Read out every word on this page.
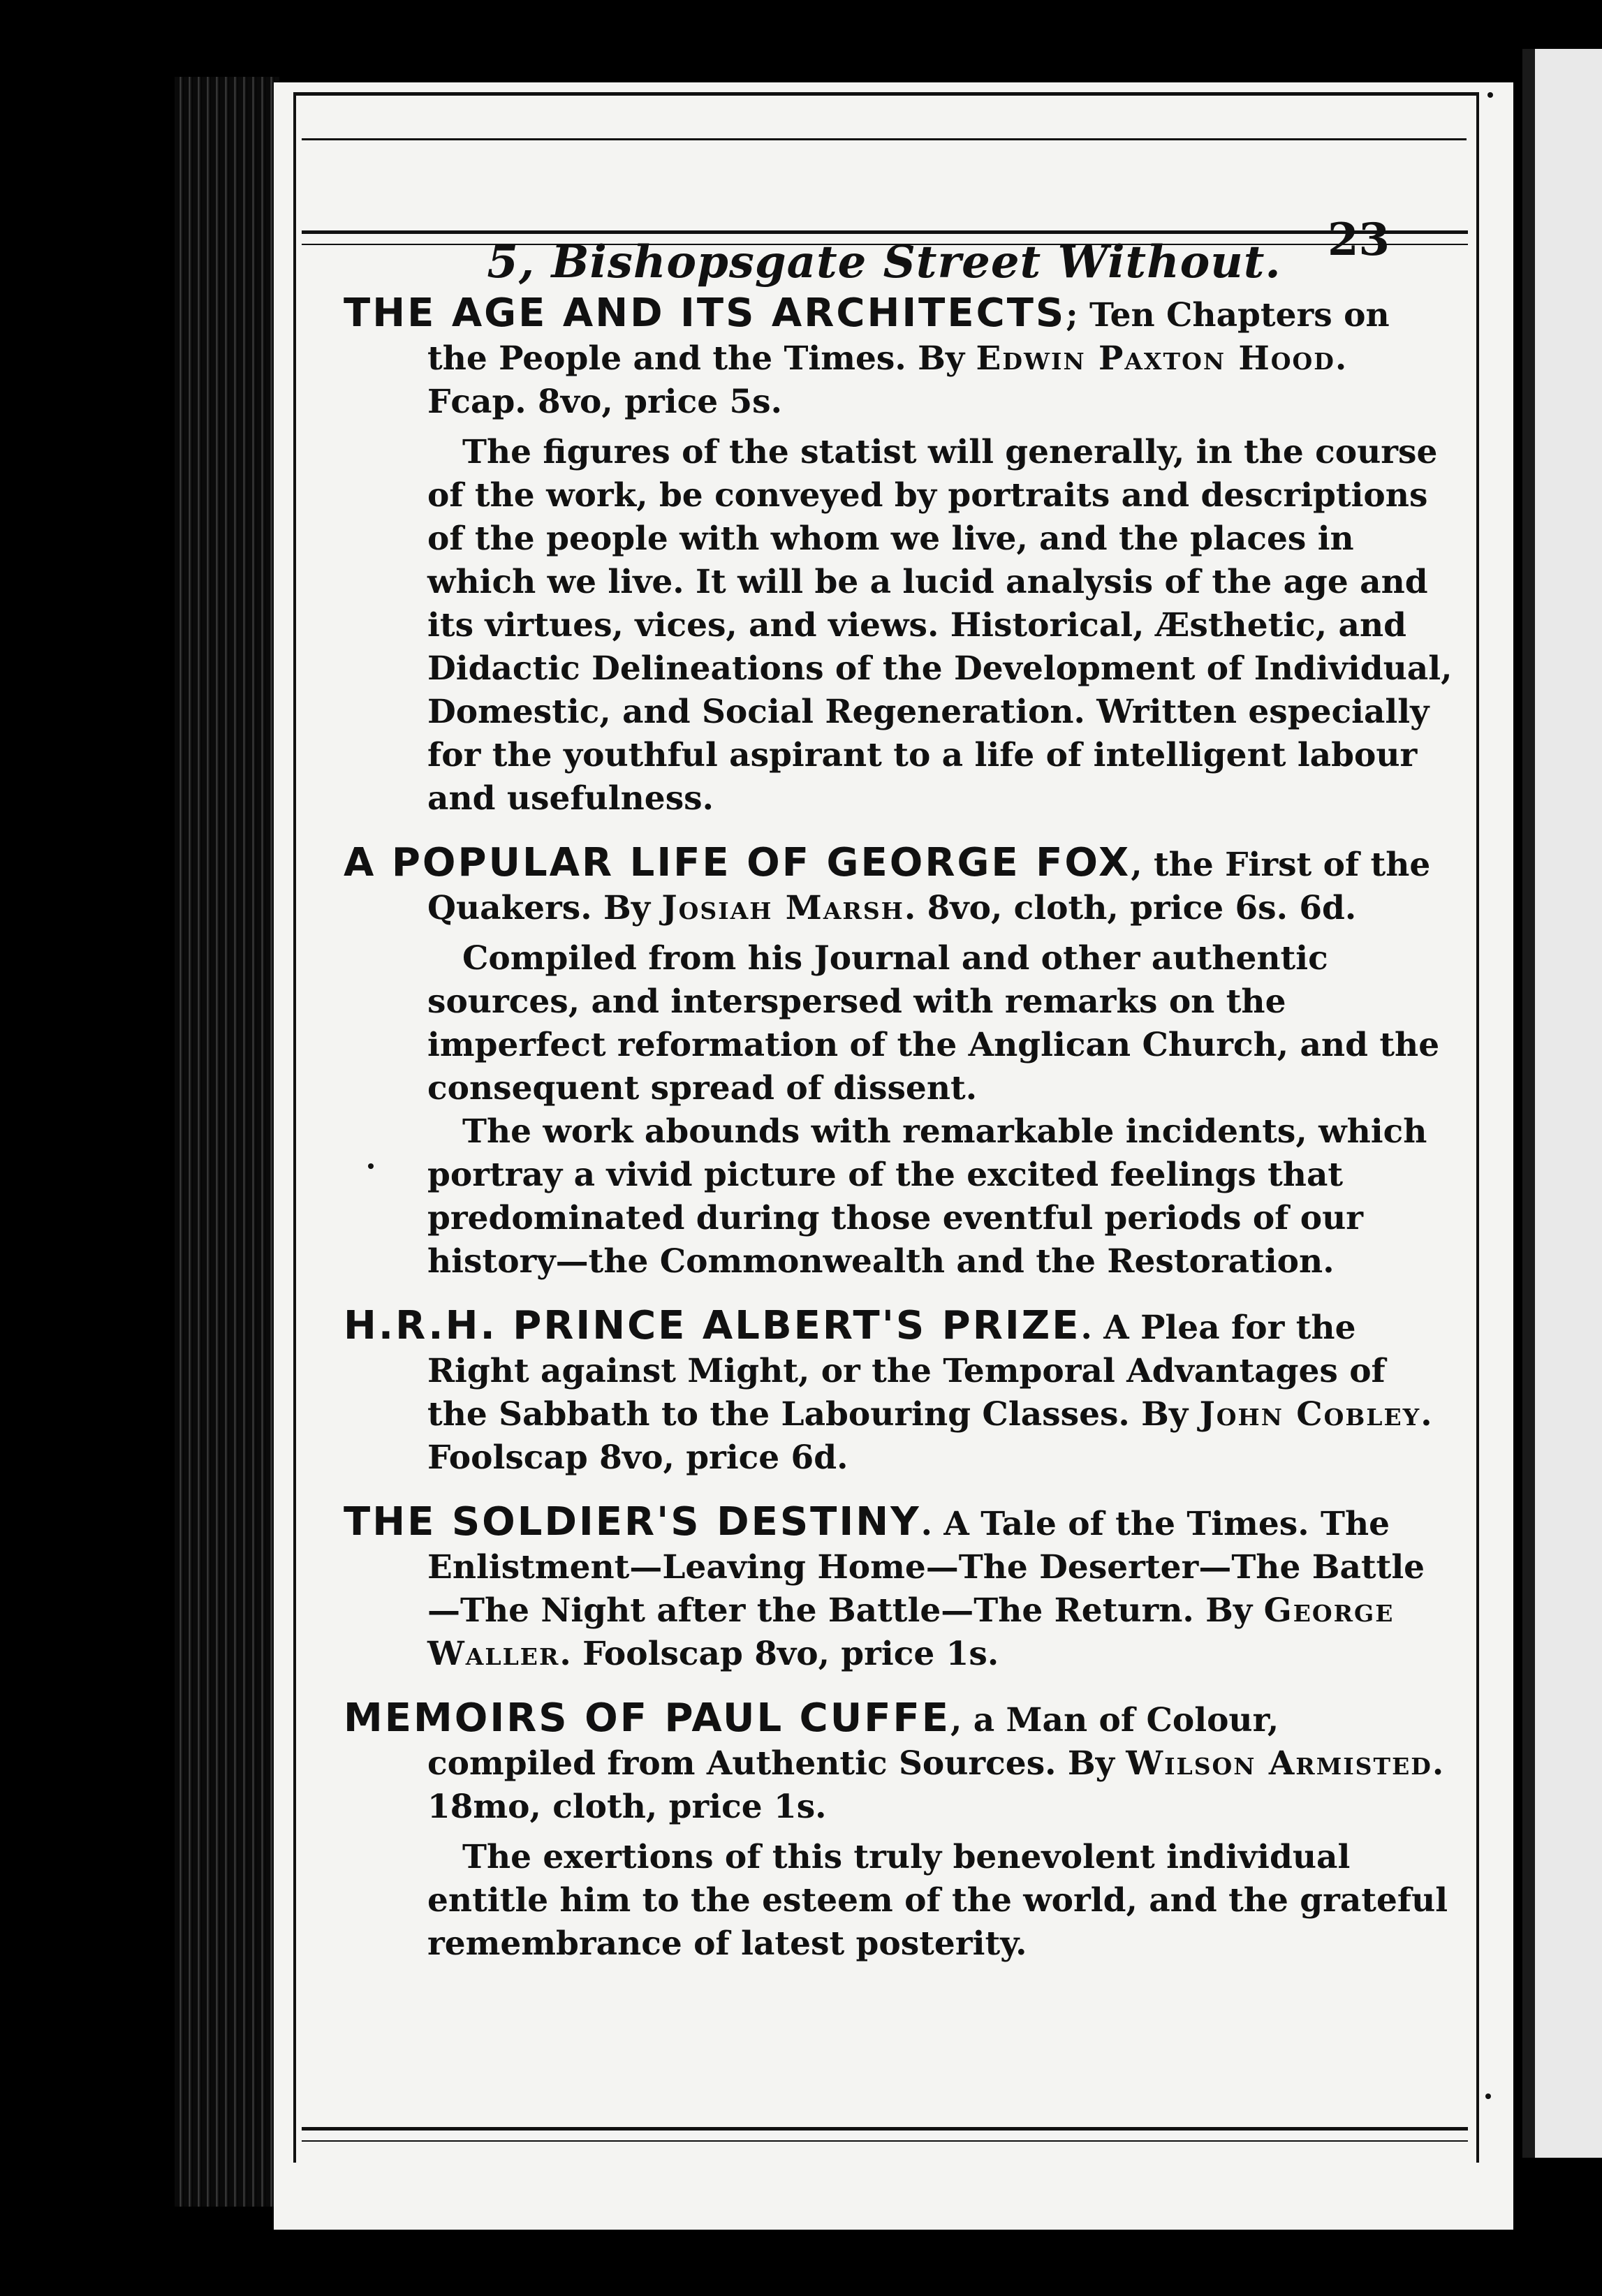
5, Bishopsgate Street Without.	23

THE AGE AND ITS ARCHITECTS; Ten Chapters on the People and the Times. By Edwin Paxton Hood. Fcap. 8vo, price 5s.

The figures of the statist will generally, in the course of the work, be conveyed by portraits and descriptions of the people with whom we live, and the places in which we live. It will be a lucid analysis of the age and its virtues, vices, and views. Historical, Æsthetic, and Didactic Delineations of the Development of Individual, Domestic, and Social Regeneration. Written especially for the youthful aspirant to a life of intelligent labour and usefulness.

A POPULAR LIFE OF GEORGE FOX, the First of the Quakers. By Josiah Marsh. 8vo, cloth, price 6s. 6d.

Compiled from his Journal and other authentic sources, and interspersed with remarks on the imperfect reformation of the Anglican Church, and the consequent spread of dissent.

The work abounds with remarkable incidents, which portray a vivid picture of the excited feelings that predominated during those eventful periods of our history—the Commonwealth and the Restoration.

H.R.H. PRINCE ALBERT'S PRIZE. A Plea for the Right against Might, or the Temporal Advantages of the Sabbath to the Labouring Classes. By John Cobley. Foolscap 8vo, price 6d.

THE SOLDIER'S DESTINY. A Tale of the Times. The Enlistment—Leaving Home—The Deserter—The Battle—The Night after the Battle—The Return. By George Waller. Foolscap 8vo, price 1s.

MEMOIRS OF PAUL CUFFE, a Man of Colour, compiled from Authentic Sources. By Wilson Armisted. 18mo, cloth, price 1s.

The exertions of this truly benevolent individual entitle him to the esteem of the world, and the grateful remembrance of latest posterity.
